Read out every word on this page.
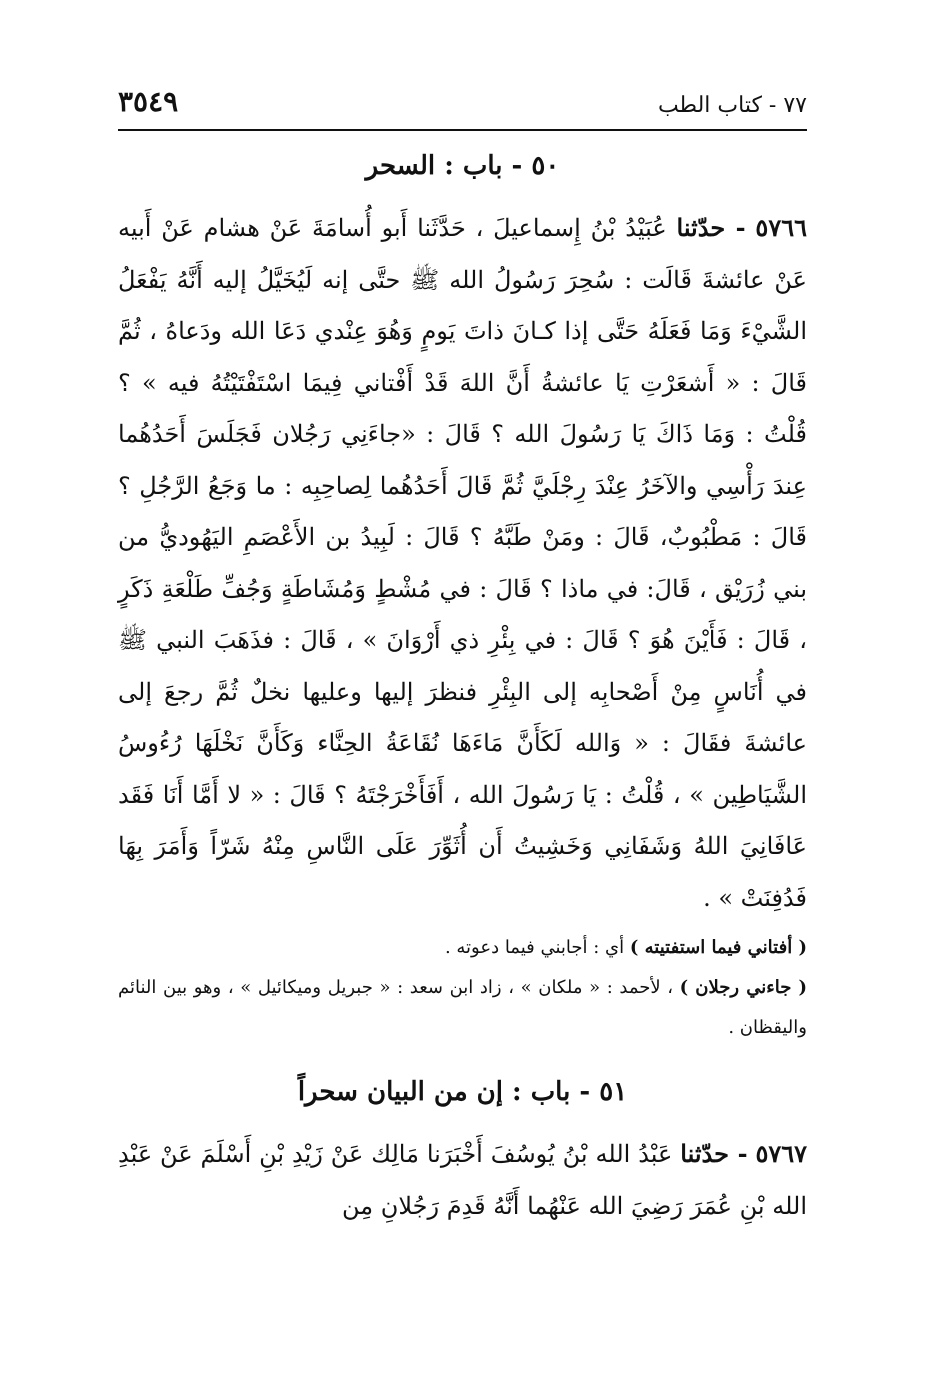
٧٧ - كتاب الطب
٣٥٤٩
٥٠ - باب : السحر

٥٧٦٦ - حدّثنا عُبَيْدُ بْنُ إِسماعيلَ ، حَدَّثَنا أَبو أُسامَةَ عَنْ هشام عَنْ أَبيه عَنْ عائشةَ قَالَت : سُحِرَ رَسُولُ الله ﷺ حتَّى إنه لَيُخَيَّلُ إليه أَنَّهُ يَفْعَلُ الشَّيْءَ وَمَا فَعَلَهُ حَتَّى إذا كـانَ ذاتَ يَومٍ وَهُوَ عِنْدي دَعَا الله ودَعاهُ ، ثُمَّ قَالَ : « أَشعَرْتِ يَا عائشةُ أَنَّ اللهَ قَدْ أَفْتاني فِيمَا اسْتَفْتَيْتُهُ فيه » ؟ قُلْتُ : وَمَا ذَاكَ يَا رَسُولَ الله ؟ قَالَ : «جاءَنِي رَجُلان فَجَلَسَ أَحَدُهُما عِندَ رَأْسِي والآخَرُ عِنْدَ رِجْلَيَّ ثُمَّ قَالَ أَحَدُهُما لِصاحِبِه : ما وَجَعُ الرَّجُلِ ؟ قَالَ : مَطْبُوبٌ، قَالَ : ومَنْ طَبَّهُ ؟ قَالَ : لَبِيدُ بن الأَعْصَمِ اليَهُوديُّ من بني زُرَيْق ، قَالَ: في ماذا ؟ قَالَ : في مُشْطٍ وَمُشَاطَةٍ وَجُفِّ طَلْعَةِ ذَكَرٍ ، قَالَ : فَأَيْنَ هُوَ ؟ قَالَ : في بِئْرِ ذي أَرْوَانَ » ، قَالَ : فذَهَبَ النبي ﷺ في أُنَاسٍ مِنْ أَصْحابِه إلى البِئْرِ فنظرَ إليها وعليها نخلٌ ثُمَّ رجعَ إلى عائشةَ فقَالَ : « وَالله لَكَأَنَّ مَاءَهَا نُقَاعَةُ الحِنَّاء وَكَأَنَّ نَخْلَهَا رُءُوسُ الشَّيَاطِين » ، قُلْتُ : يَا رَسُولَ الله ، أَفَأَخْرَجْتَهُ ؟ قَالَ : « لا أَمَّا أَنَا فَقَد عَافَانِيَ اللهُ وَشَفَانِي وَخَشِيتُ أَن أُثَوِّرَ عَلَى النَّاسِ مِنْهُ شَرّاً وَأَمَرَ بِهَا فَدُفِنَتْ » .

( أفتاني فيما استفتيته ) أي : أجابني فيما دعوته .

( جاءني رجلان ) ، لأحمد : « ملكان » ، زاد ابن سعد : « جبريل وميكائيل » ، وهو بين النائم واليقظان .

٥١ - باب : إن من البيان سحراً

٥٧٦٧ - حدّثنا عَبْدُ الله بْنُ يُوسُفَ أَخْبَرَنا مَالِك عَنْ زَيْدِ بْنِ أَسْلَمَ عَنْ عَبْدِ الله بْنِ عُمَرَ رَضِيَ الله عَنْهُما أَنَّهُ قَدِمَ رَجُلانِ مِن
